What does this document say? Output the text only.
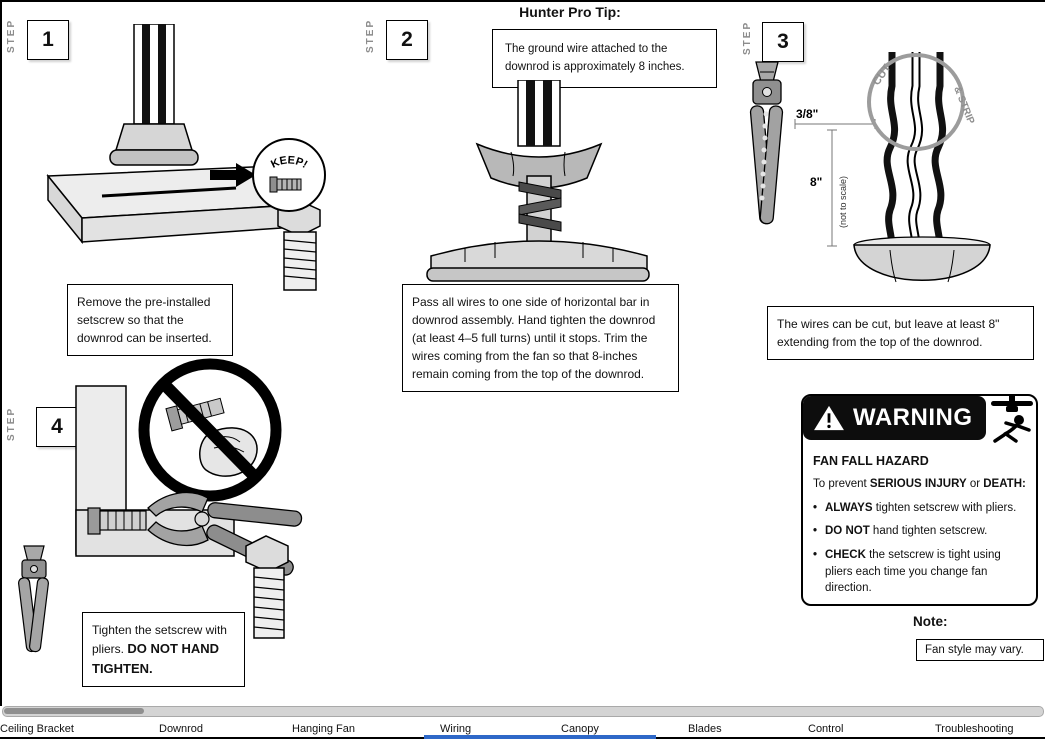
STEP 1
KEEP!
Remove the pre-installed setscrew so that the downrod can be inserted.
Hunter Pro Tip:
The ground wire attached to the downrod is approximately 8 inches.
STEP 2
Pass all wires to one side of horizontal bar in downrod assembly. Hand tighten the downrod (at least 4–5 full turns) until it stops. Trim the wires coming from the fan so that 8-inches remain coming from the top of the downrod.
STEP 3
3/8"
8" (not to scale)
CUT
& STRIP
The wires can be cut, but leave at least 8" extending from the top of the downrod.
STEP 4
Tighten the setscrew with pliers. DO NOT HAND TIGHTEN.
WARNING
FAN FALL HAZARD
To prevent SERIOUS INJURY or DEATH:
• ALWAYS tighten setscrew with pliers.
• DO NOT hand tighten setscrew.
• CHECK the setscrew is tight using pliers each time you change fan direction.
Note:
Fan style may vary.
Ceiling Bracket	Downrod	Hanging Fan	Wiring	Canopy	Blades	Control	Troubleshooting
